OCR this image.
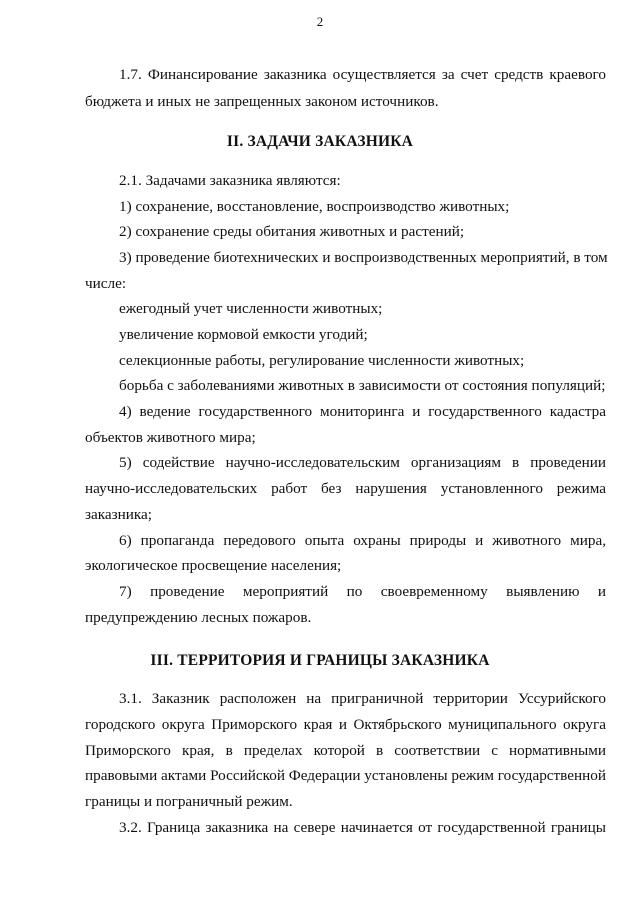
2
1.7. Финансирование заказника осуществляется за счет средств краевого
бюджета и иных не запрещенных законом источников.
II. ЗАДАЧИ ЗАКАЗНИКА
2.1. Задачами заказника являются:
1) сохранение, восстановление, воспроизводство животных;
2) сохранение среды обитания животных и растений;
3) проведение биотехнических и воспроизводственных мероприятий, в том
числе:
ежегодный учет численности животных;
увеличение кормовой емкости угодий;
селекционные работы, регулирование численности животных;
борьба с заболеваниями животных в зависимости от состояния популяций;
4) ведение государственного мониторинга и государственного кадастра
объектов животного мира;
5) содействие научно-исследовательским организациям в проведении
научно-исследовательских работ без нарушения установленного режима
заказника;
6) пропаганда передового опыта охраны природы и животного мира,
экологическое просвещение населения;
7) проведение мероприятий по своевременному выявлению и
предупреждению лесных пожаров.
III. ТЕРРИТОРИЯ И ГРАНИЦЫ ЗАКАЗНИКА
3.1. Заказник расположен на приграничной территории Уссурийского
городского округа Приморского края и Октябрьского муниципального округа
Приморского края, в пределах которой в соответствии с нормативными
правовыми актами Российской Федерации установлены режим государственной
границы и пограничный режим.
3.2. Граница заказника на севере начинается от государственной границы
